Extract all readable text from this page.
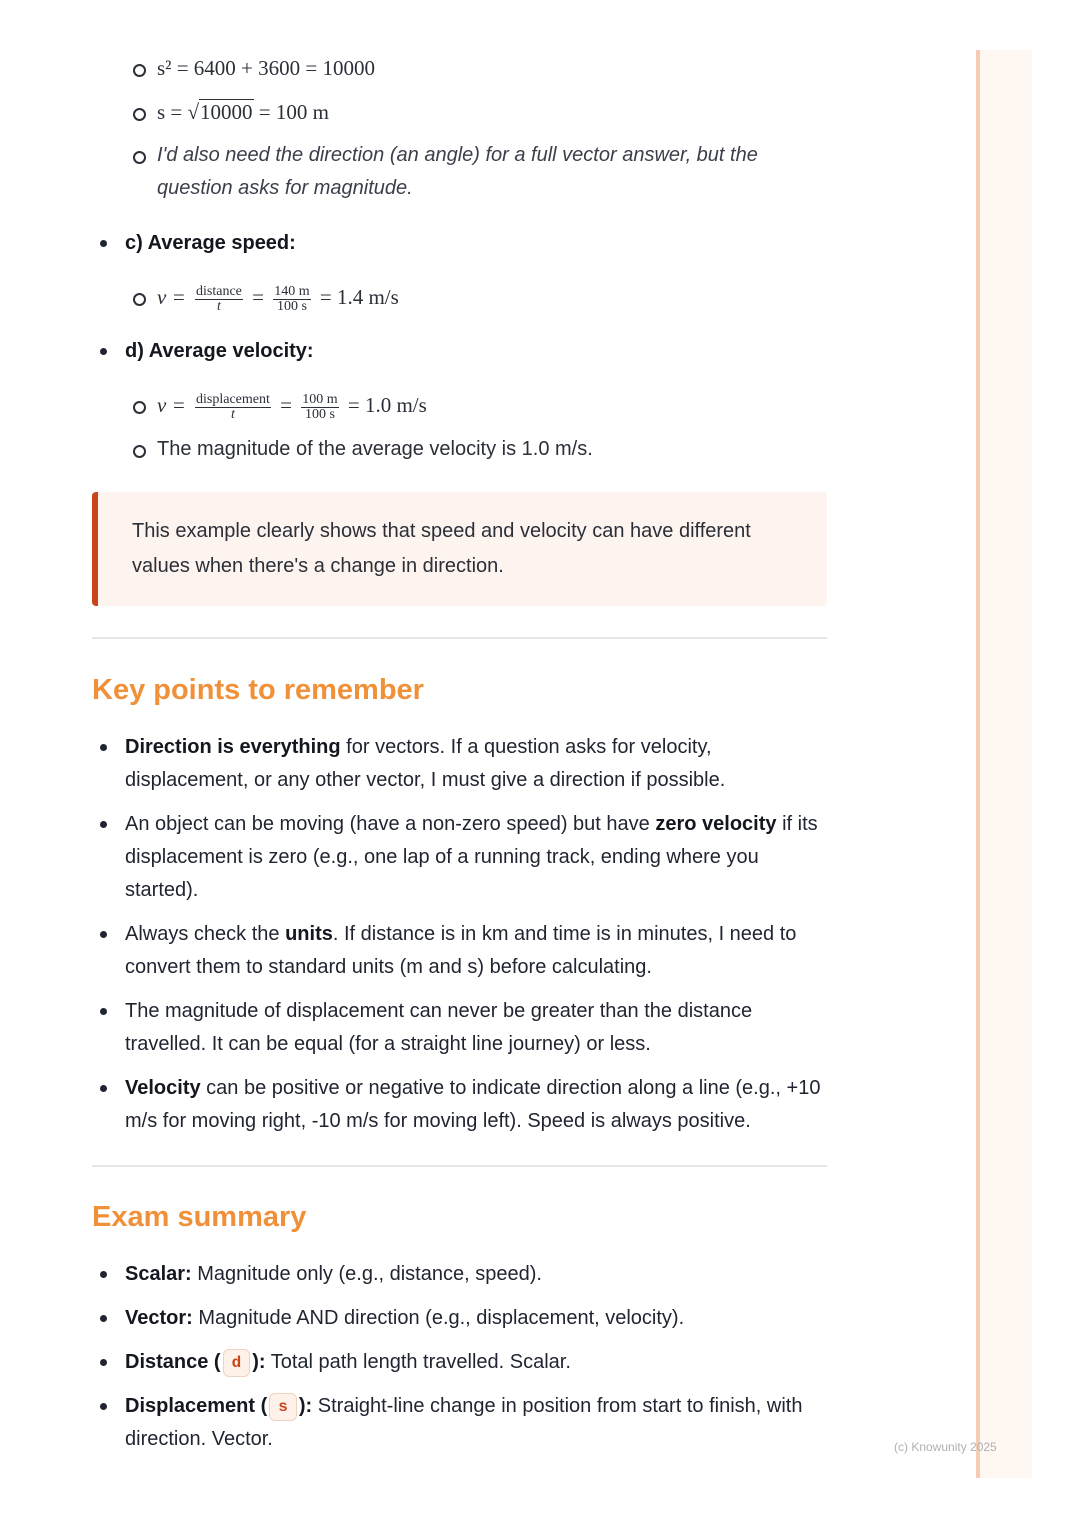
s² = 6400 + 3600 = 10000
s = √10000 = 100 m
I'd also need the direction (an angle) for a full vector answer, but the question asks for magnitude.
c) Average speed:
$v = \frac{\text{distance}}{t} = \frac{140 m}{100 s} = 1.4$ m/s
d) Average velocity:
$v = \frac{\text{displacement}}{t} = \frac{100 m}{100 s} = 1.0$ m/s
The magnitude of the average velocity is 1.0 m/s.
This example clearly shows that speed and velocity can have different values when there's a change in direction.
Key points to remember
Direction is everything for vectors. If a question asks for velocity, displacement, or any other vector, I must give a direction if possible.
An object can be moving (have a non-zero speed) but have zero velocity if its displacement is zero (e.g., one lap of a running track, ending where you started).
Always check the units. If distance is in km and time is in minutes, I need to convert them to standard units (m and s) before calculating.
The magnitude of displacement can never be greater than the distance travelled. It can be equal (for a straight line journey) or less.
Velocity can be positive or negative to indicate direction along a line (e.g., +10 m/s for moving right, -10 m/s for moving left). Speed is always positive.
Exam summary
Scalar: Magnitude only (e.g., distance, speed).
Vector: Magnitude AND direction (e.g., displacement, velocity).
Distance ( d ): Total path length travelled. Scalar.
Displacement ( s ): Straight-line change in position from start to finish, with direction. Vector.	(c) Knowunity 2025
